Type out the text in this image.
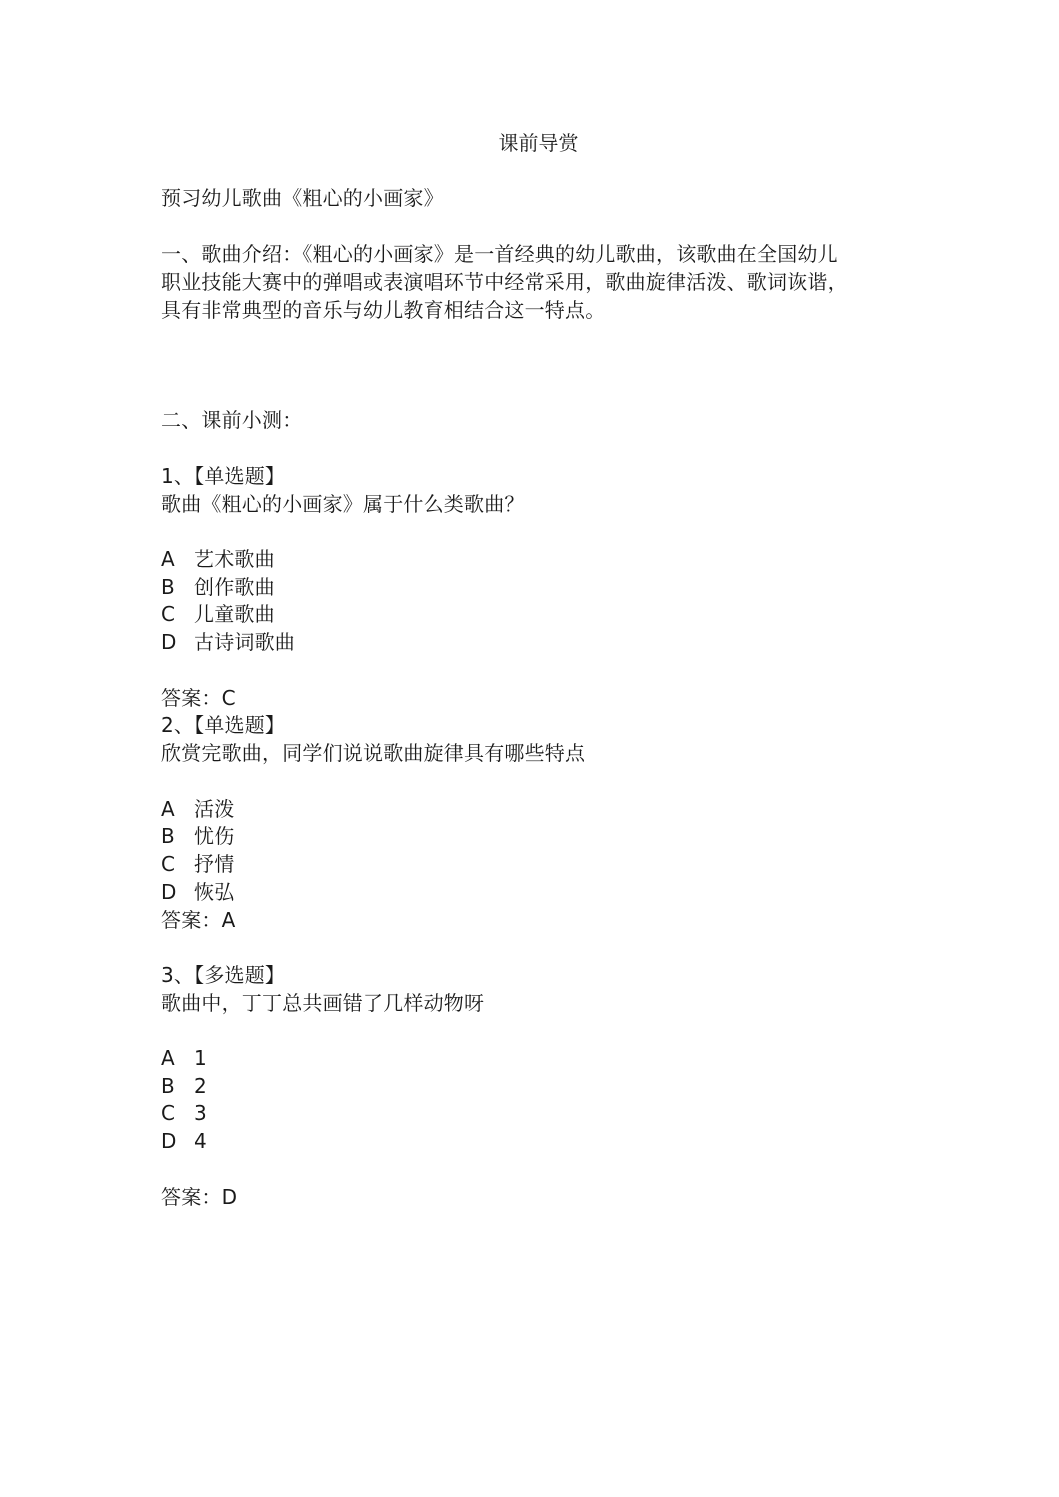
课前导赏
预习幼儿歌曲《粗心的小画家》
一、歌曲介绍：《粗心的小画家》是一首经典的幼儿歌曲，该歌曲在全国幼儿
职业技能大赛中的弹唱或表演唱环节中经常采用，歌曲旋律活泼、歌词诙谐，
具有非常典型的音乐与幼儿教育相结合这一特点。
二、课前小测：
1、【单选题】
歌曲《粗心的小画家》属于什么类歌曲？
A 艺术歌曲
B 创作歌曲
C 儿童歌曲
D 古诗词歌曲
答案：C
2、【单选题】
欣赏完歌曲，同学们说说歌曲旋律具有哪些特点
A 活泼
B 忧伤
C 抒情
D 恢弘
答案：A
3、【多选题】
歌曲中，丁丁总共画错了几样动物呀
A 1
B 2
C 3
D 4
答案：D
